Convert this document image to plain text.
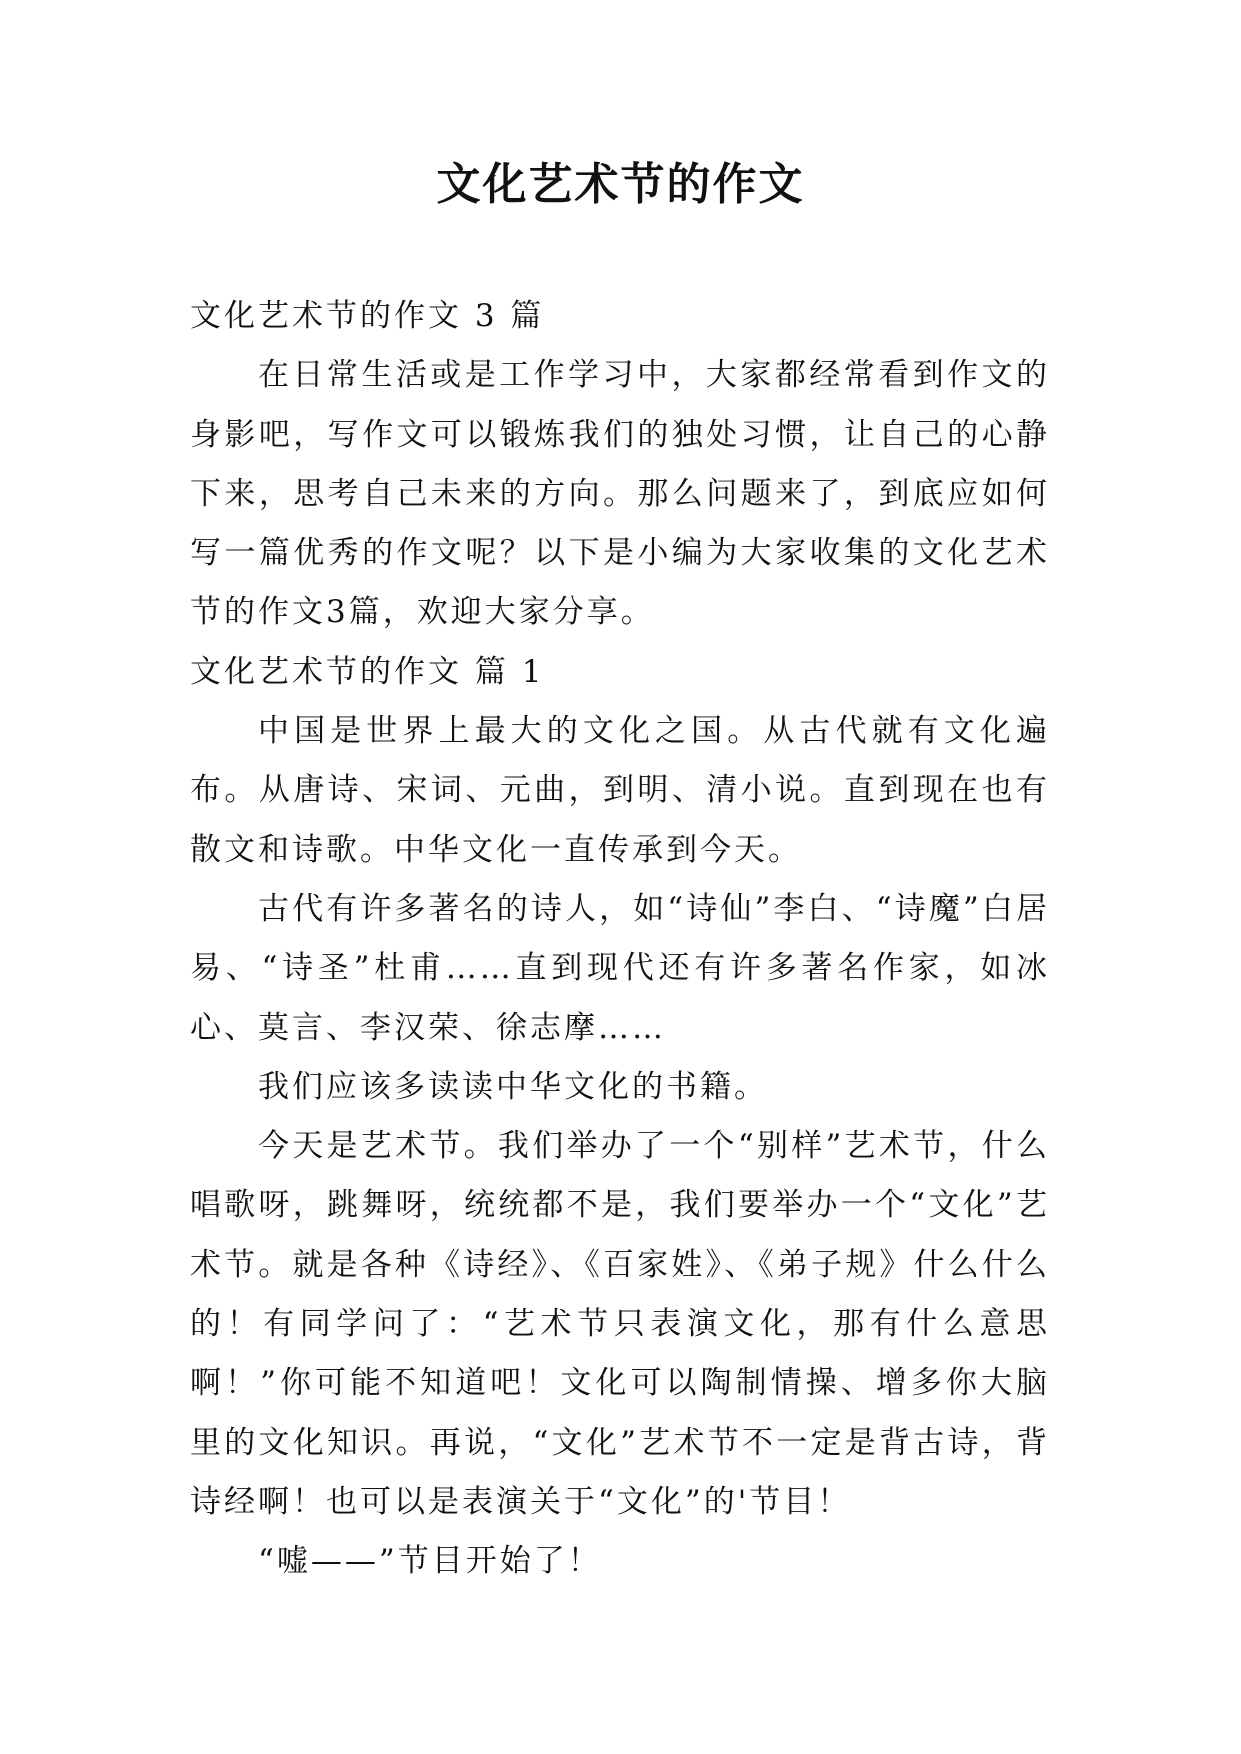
文化艺术节的作文

文化艺术节的作文 3 篇

在日常生活或是工作学习中，大家都经常看到作文的身影吧，写作文可以锻炼我们的独处习惯，让自己的心静下来，思考自己未来的方向。那么问题来了，到底应如何写一篇优秀的作文呢？以下是小编为大家收集的文化艺术节的作文3篇，欢迎大家分享。

文化艺术节的作文 篇 1

中国是世界上最大的文化之国。从古代就有文化遍布。从唐诗、宋词、元曲，到明、清小说。直到现在也有散文和诗歌。中华文化一直传承到今天。

古代有许多著名的诗人，如“诗仙”李白、“诗魔”白居易、“诗圣”杜甫……直到现代还有许多著名作家，如冰心、莫言、李汉荣、徐志摩……

我们应该多读读中华文化的书籍。

今天是艺术节。我们举办了一个“别样”艺术节，什么唱歌呀，跳舞呀，统统都不是，我们要举办一个“文化”艺术节。就是各种《诗经》、《百家姓》、《弟子规》什么什么的！有同学问了：“艺术节只表演文化，那有什么意思啊！”你可能不知道吧！文化可以陶制情操、增多你大脑里的文化知识。再说，“文化”艺术节不一定是背古诗，背诗经啊！也可以是表演关于“文化”的'节目！

“嘘——”节目开始了！
